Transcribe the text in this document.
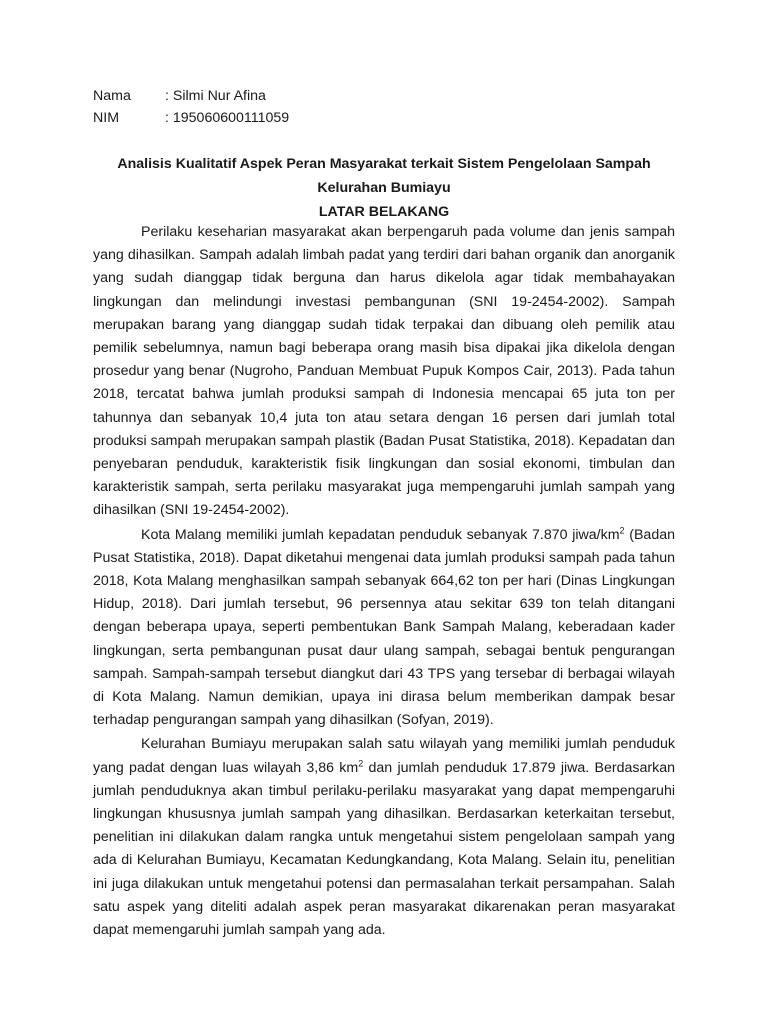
Nama	: Silmi Nur Afina
NIM	: 195060600111059
Analisis Kualitatif Aspek Peran Masyarakat terkait Sistem Pengelolaan Sampah
Kelurahan Bumiayu
LATAR BELAKANG

Perilaku keseharian masyarakat akan berpengaruh pada volume dan jenis sampah yang dihasilkan. Sampah adalah limbah padat yang terdiri dari bahan organik dan anorganik yang sudah dianggap tidak berguna dan harus dikelola agar tidak membahayakan lingkungan dan melindungi investasi pembangunan (SNI 19-2454-2002). Sampah merupakan barang yang dianggap sudah tidak terpakai dan dibuang oleh pemilik atau pemilik sebelumnya, namun bagi beberapa orang masih bisa dipakai jika dikelola dengan prosedur yang benar (Nugroho, Panduan Membuat Pupuk Kompos Cair, 2013). Pada tahun 2018, tercatat bahwa jumlah produksi sampah di Indonesia mencapai 65 juta ton per tahunnya dan sebanyak 10,4 juta ton atau setara dengan 16 persen dari jumlah total produksi sampah merupakan sampah plastik (Badan Pusat Statistika, 2018). Kepadatan dan penyebaran penduduk, karakteristik fisik lingkungan dan sosial ekonomi, timbulan dan karakteristik sampah, serta perilaku masyarakat juga mempengaruhi jumlah sampah yang dihasilkan (SNI 19-2454-2002).

Kota Malang memiliki jumlah kepadatan penduduk sebanyak 7.870 jiwa/$km^2$ (Badan Pusat Statistika, 2018). Dapat diketahui mengenai data jumlah produksi sampah pada tahun 2018, Kota Malang menghasilkan sampah sebanyak 664,62 ton per hari (Dinas Lingkungan Hidup, 2018). Dari jumlah tersebut, 96 persennya atau sekitar 639 ton telah ditangani dengan beberapa upaya, seperti pembentukan Bank Sampah Malang, keberadaan kader lingkungan, serta pembangunan pusat daur ulang sampah, sebagai bentuk pengurangan sampah. Sampah-sampah tersebut diangkut dari 43 TPS yang tersebar di berbagai wilayah di Kota Malang. Namun demikian, upaya ini dirasa belum memberikan dampak besar terhadap pengurangan sampah yang dihasilkan (Sofyan, 2019).

Kelurahan Bumiayu merupakan salah satu wilayah yang memiliki jumlah penduduk yang padat dengan luas wilayah 3,86 $km^2$ dan jumlah penduduk 17.879 jiwa. Berdasarkan jumlah penduduknya akan timbul perilaku-perilaku masyarakat yang dapat mempengaruhi lingkungan khususnya jumlah sampah yang dihasilkan. Berdasarkan keterkaitan tersebut, penelitian ini dilakukan dalam rangka untuk mengetahui sistem pengelolaan sampah yang ada di Kelurahan Bumiayu, Kecamatan Kedungkandang, Kota Malang. Selain itu, penelitian ini juga dilakukan untuk mengetahui potensi dan permasalahan terkait persampahan. Salah satu aspek yang diteliti adalah aspek peran masyarakat dikarenakan peran masyarakat dapat memengaruhi jumlah sampah yang ada.
